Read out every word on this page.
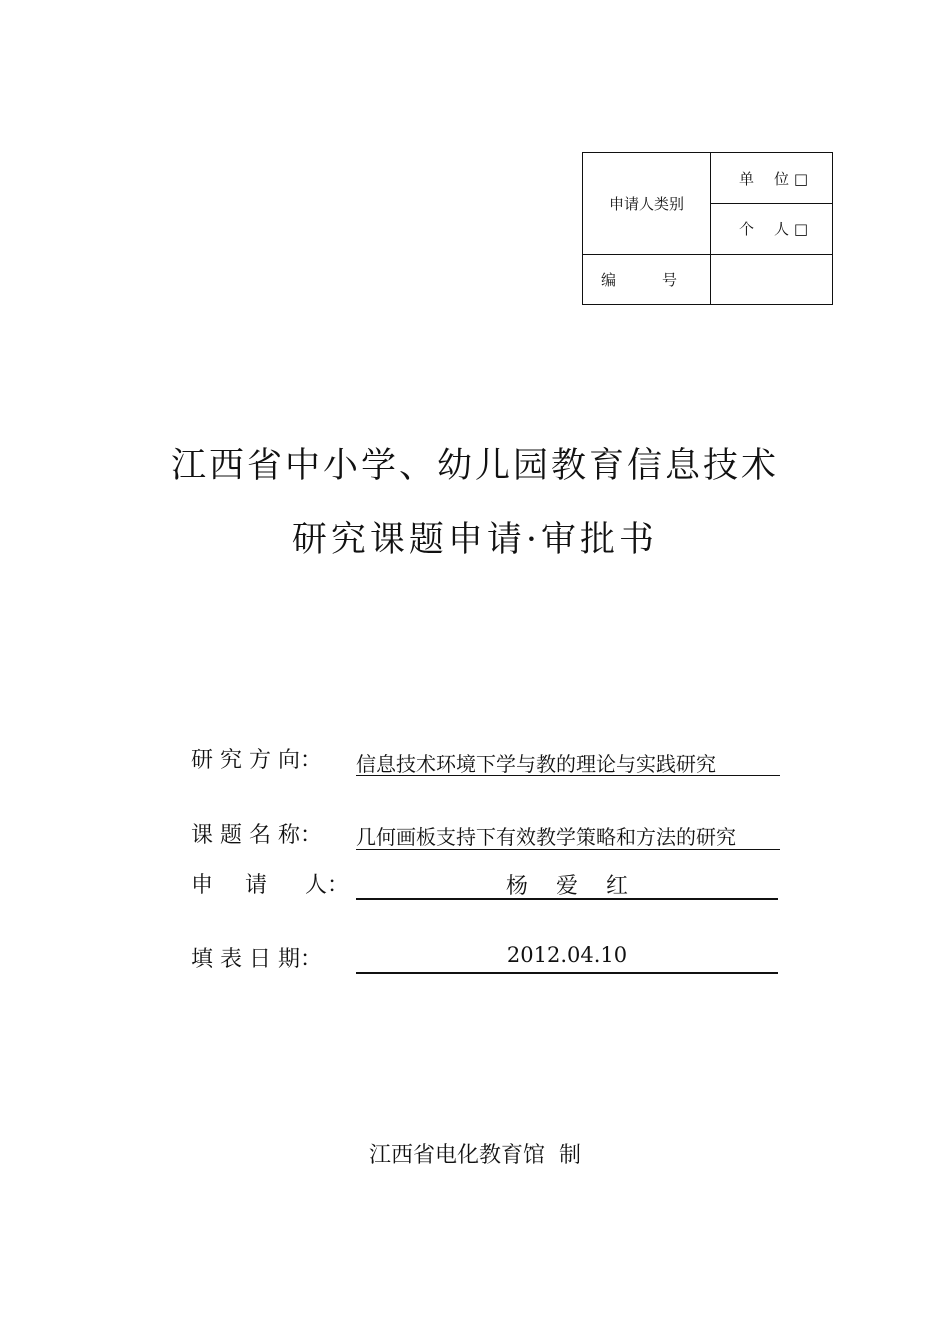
申请人类别	单 位 □
	个 人 □
编 号	
江西省中小学、幼儿园教育信息技术
研究课题申请·审批书
研 究 方 向： 信息技术环境下学与教的理论与实践研究
课 题 名 称： 几何画板支持下有效教学策略和方法的研究
申 请 人：	杨    爱    红
填 表 日 期：	2012.04.10
江西省电化教育馆  制
